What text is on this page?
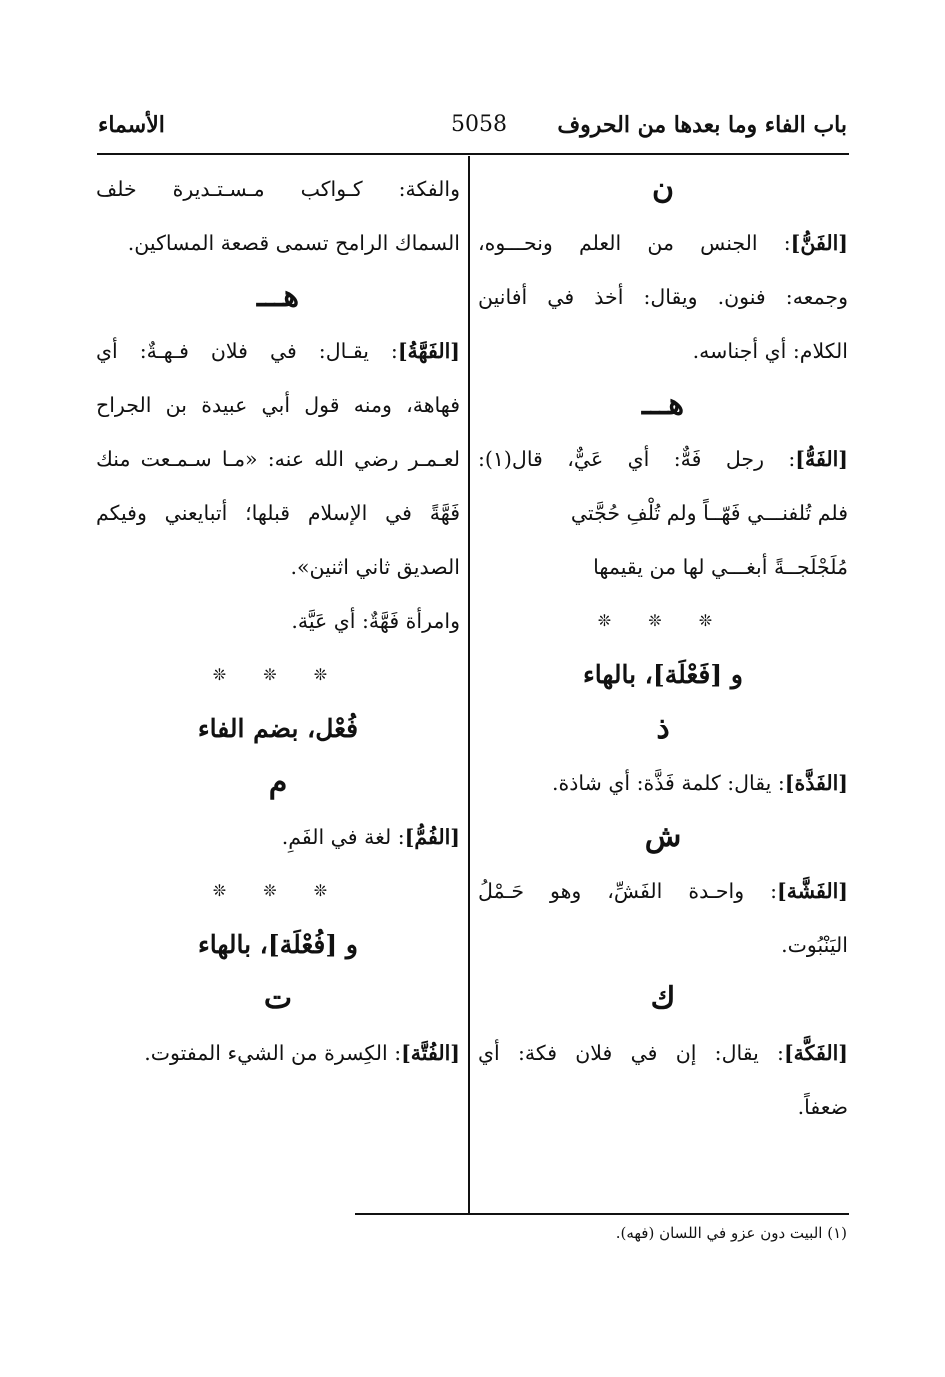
باب الفاء وما بعدها من الحروف
5058
الأسماء
ن
[الفَنُّ]: الجنس من العلم ونحـــوه،
وجمعه: فنون. ويقال: أخذ في أفانين
الكلام: أي أجناسه.
هـــ
[الفَهُّ]: رجل فَهٌّ: أي عَيٌّ، قال(١):
فلم تُلفنـــي فَهّــاً ولم تُلْفِ حُجَّتي
مُلَجْلَجــةً أبغـــي لها من يقيمها
❊ ❊ ❊
و [فَعْلَة]، بالهاء
ذ
[الفَذَّة]: يقال: كلمة فَذَّة: أي شاذة.
ش
[الفَشَّة]: واحـدة الفَشِّ، وهو حَـمْلُ
اليَنْبُوت.
ك
[الفَكَّة]: يقال: إن في فلان فكة: أي
ضعفاً.
والفكة: كـواكب مـسـتـديرة خلف
السماك الرامح تسمى قصعة المساكين.
هـــ
[الفَهَّةُ]: يقـال: في فلان فـهـةٌ: أي
فهاهة، ومنه قول أبي عبيدة بن الجراح
لعـمـر رضي الله عنه: «مـا سـمـعت منك
فَهَّةً في الإسلام قبلها؛ أتبايعني وفيكم
الصديق ثاني اثنين».
وامرأة فَهَّةٌ: أي عَيَّة.
❊ ❊ ❊
فُعْل، بضم الفاء
م
[الفُمُّ]: لغة في الفَمِ.
❊ ❊ ❊
و [فُعْلَة]، بالهاء
ت
[الفُتَّة]: الكِسرة من الشيء المفتوت.
(١) البيت دون عزو في اللسان (فهه).
